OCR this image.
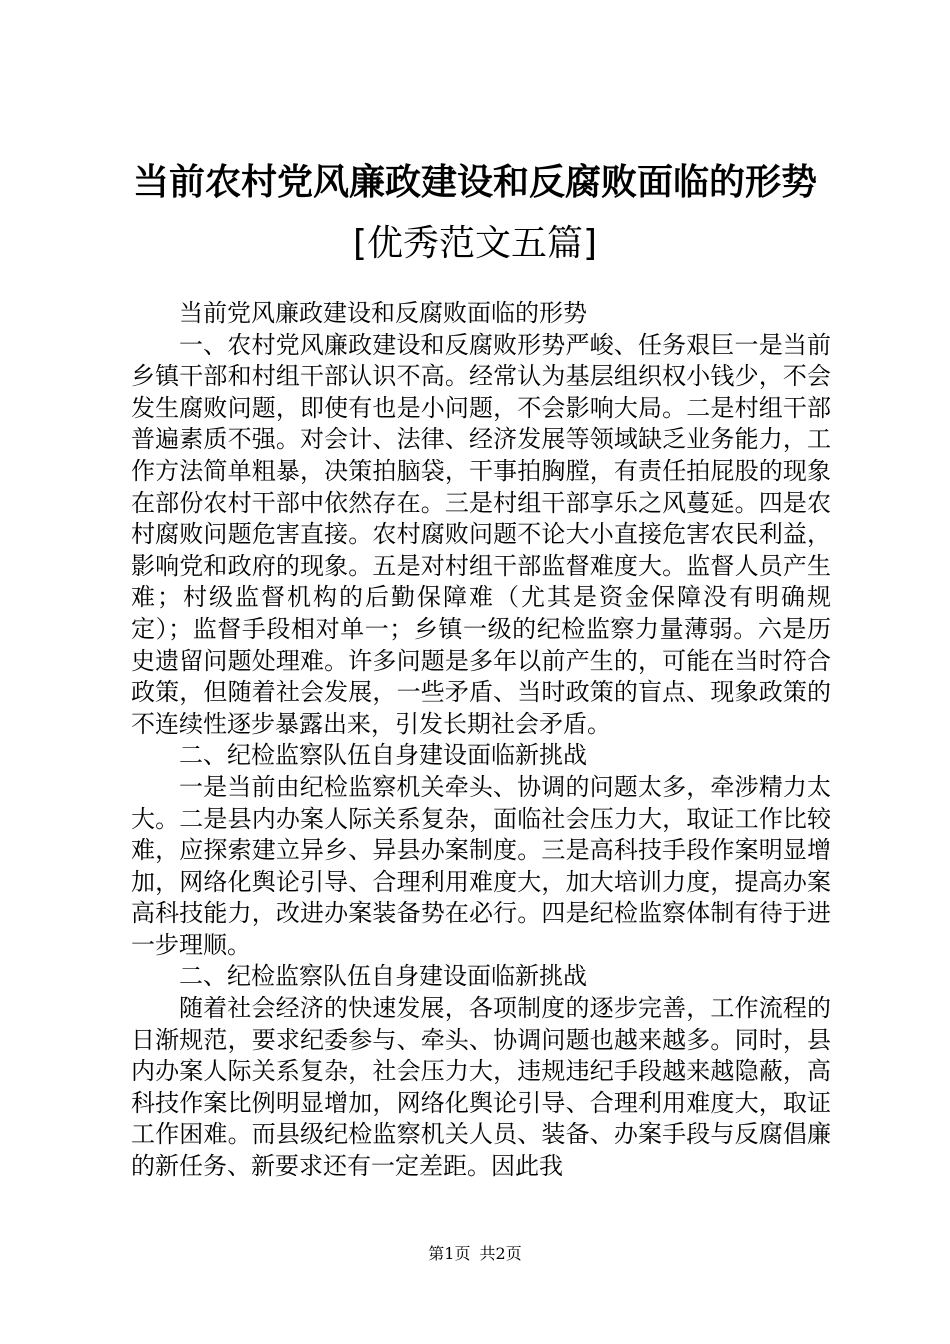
当前农村党风廉政建设和反腐败面临的形势
[优秀范文五篇]

当前党风廉政建设和反腐败面临的形势

一、农村党风廉政建设和反腐败形势严峻、任务艰巨一是当前乡镇干部和村组干部认识不高。经常认为基层组织权小钱少，不会发生腐败问题，即使有也是小问题，不会影响大局。二是村组干部普遍素质不强。对会计、法律、经济发展等领域缺乏业务能力，工作方法简单粗暴，决策拍脑袋，干事拍胸膛，有责任拍屁股的现象在部份农村干部中依然存在。三是村组干部享乐之风蔓延。四是农村腐败问题危害直接。农村腐败问题不论大小直接危害农民利益，影响党和政府的现象。五是对村组干部监督难度大。监督人员产生难；村级监督机构的后勤保障难（尤其是资金保障没有明确规定）；监督手段相对单一；乡镇一级的纪检监察力量薄弱。六是历史遗留问题处理难。许多问题是多年以前产生的，可能在当时符合政策，但随着社会发展，一些矛盾、当时政策的盲点、现象政策的不连续性逐步暴露出来，引发长期社会矛盾。

二、纪检监察队伍自身建设面临新挑战

一是当前由纪检监察机关牵头、协调的问题太多，牵涉精力太大。二是县内办案人际关系复杂，面临社会压力大，取证工作比较难，应探索建立异乡、异县办案制度。三是高科技手段作案明显增加，网络化舆论引导、合理利用难度大，加大培训力度，提高办案高科技能力，改进办案装备势在必行。四是纪检监察体制有待于进一步理顺。

二、纪检监察队伍自身建设面临新挑战

随着社会经济的快速发展，各项制度的逐步完善，工作流程的日渐规范，要求纪委参与、牵头、协调问题也越来越多。同时，县内办案人际关系复杂，社会压力大，违规违纪手段越来越隐蔽，高科技作案比例明显增加，网络化舆论引导、合理利用难度大，取证工作困难。而县级纪检监察机关人员、装备、办案手段与反腐倡廉的新任务、新要求还有一定差距。因此我

第1页 共2页
